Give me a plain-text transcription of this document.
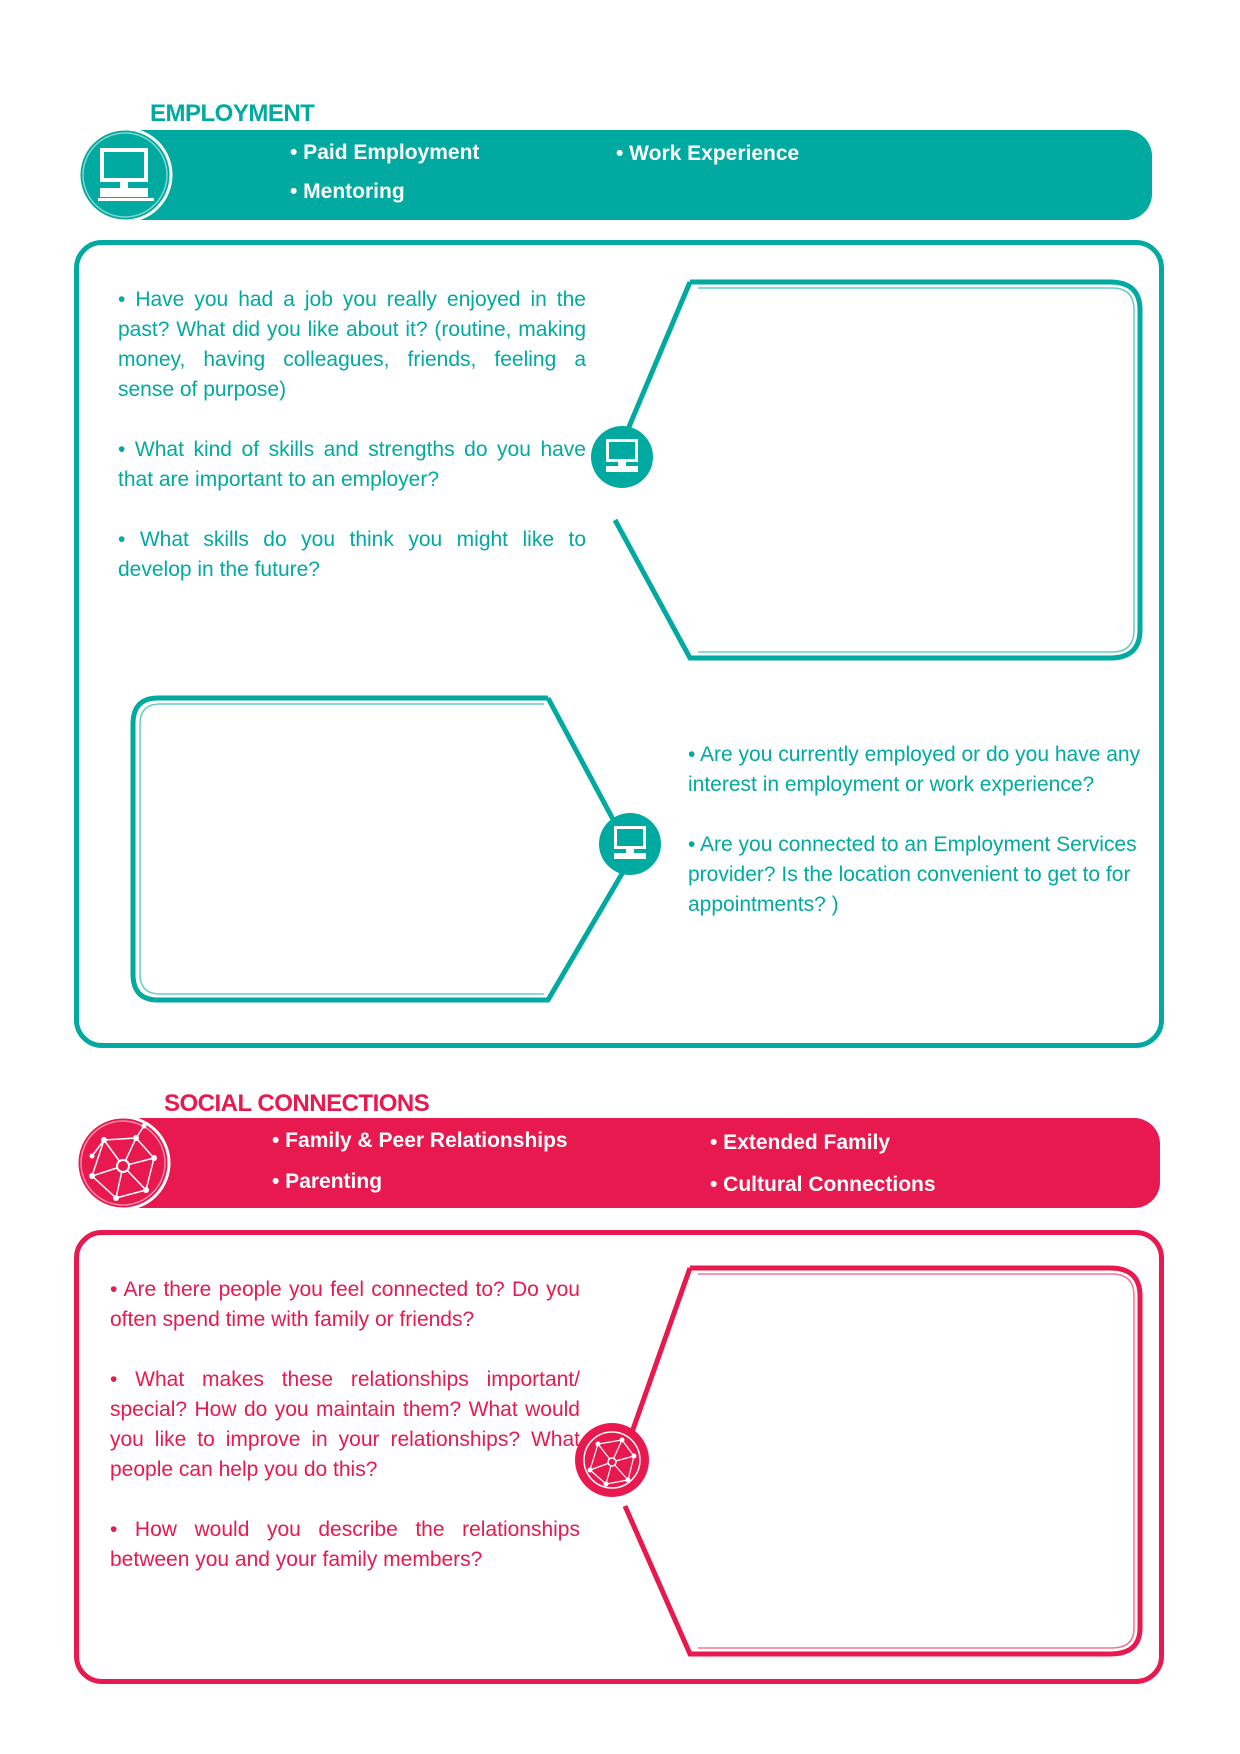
EMPLOYMENT
• Paid Employment	• Work Experience
• Mentoring

• Have you had a job you really enjoyed in the past? What did you like about it? (routine, making money, having colleagues, friends, feeling a sense of purpose)

• What kind of skills and strengths do you have that are important to an employer?

• What skills do you think you might like to develop in the future?

• Are you currently employed or do you have any interest in employment or work experience?

• Are you connected to an Employment Services provider? Is the location convenient to get to for appointments? )

SOCIAL CONNECTIONS
• Family & Peer Relationships	• Extended Family
• Parenting	• Cultural Connections

• Are there people you feel connected to? Do you often spend time with family or friends?

• What makes these relationships important/ special? How do you maintain them? What would you like to improve in your relationships? What people can help you do this?

• How would you describe the relationships between you and your family members?
